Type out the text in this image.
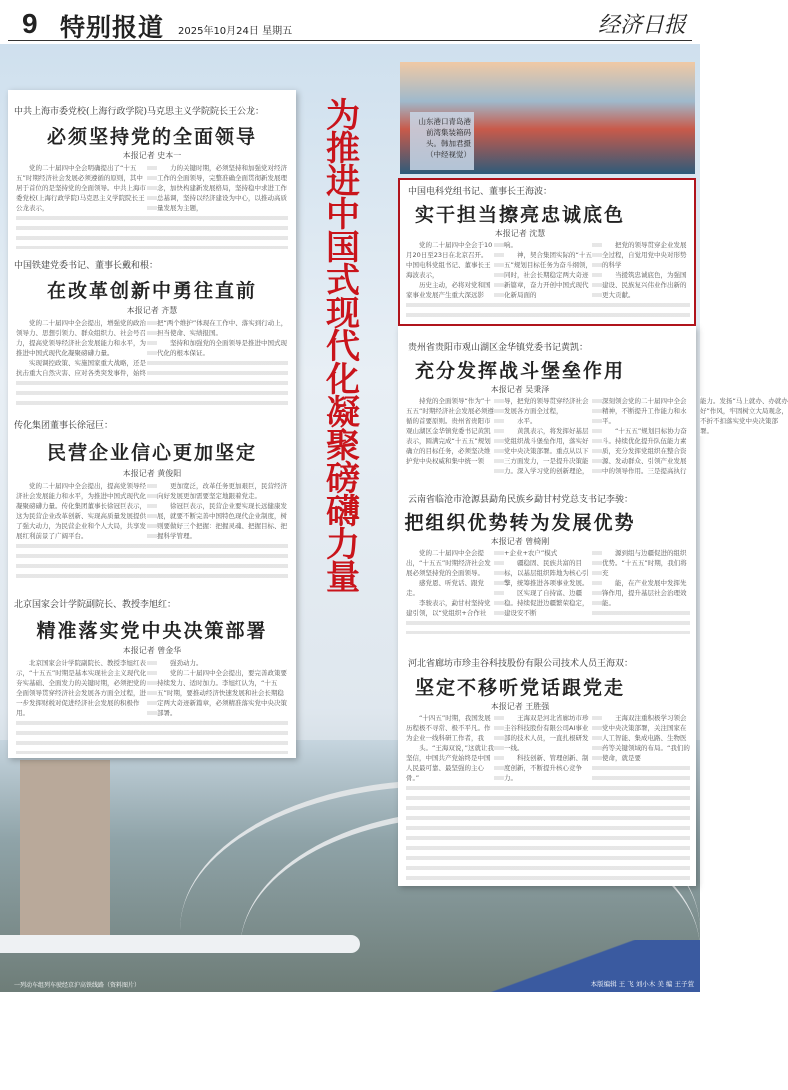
9 特别报道 2025年10月24日 星期五	经济日报
山东港口青岛港前湾集装箱码头。韩加君摄（中经视觉）
为推进中国式现代化凝聚磅礴力量
中共上海市委党校(上海行政学院)马克思主义学院院长王公龙：
必须坚持党的全面领导
本报记者 史本一

党的二十届四中全会明确提出了“十五五”时期经济社会发展必须遵循的原则，其中居于首位的是坚持党的全面领导。中共上海市委党校(上海行政学院)马克思主义学院院长王公龙表示，

力的关键时期，必须坚持和加强党对经济工作的全面领导，完整准确全面贯彻新发展理念，加快构建新发展格局，坚持稳中求进工作总基调，坚持以经济建设为中心，以推动高质量发展为主题，

中国铁建党委书记、董事长戴和根：
在改革创新中勇往直前
本报记者 齐慧

党的二十届四中全会提出，增强党的政治领导力、思想引领力、群众组织力、社会号召力，提高党领导经济社会发展能力和水平，为推进中国式现代化凝聚磅礴力量。

实现调控政策、实施国家重大战略，还是抗击重大自然灾害、应对各类突发事件，始终把“两个维护”体现在工作中、落实到行动上，担当使命、实绩报国。

坚持和加强党的全面领导是推进中国式现代化的根本保证。

传化集团董事长徐冠巨：
民营企业信心更加坚定
本报记者 黄俊阳

党的二十届四中全会提出，提高党领导经济社会发展能力和水平，为推进中国式现代化凝聚磅礴力量。传化集团董事长徐冠巨表示，这为民营企业改革创新、实现高质量发展提供了强大动力，为民营企业和个人大局，共享发展红利前景了广阔平台。

更加宽泛，改革任务更加艰巨，民营经济向好发展更加需要坚定地跟着党走。

徐冠巨表示，民营企业要实现长远健康发展，就要不断完善中国特色现代企业制度，树则要做好三个把握：把握灵魂、把握目标、把握科学管理。

北京国家会计学院副院长、教授李旭红：
精准落实党中央决策部署
本报记者 曾金华

北京国家会计学院副院长、教授李旭红表示，“十五五”时期是基本实现社会主义现代化夯实基础、全面发力的关键时期，必须把党的全面领导贯穿经济社会发展各方面全过程，进一步发挥财税对促进经济社会发展的积极作用。

强劲动力。

党的二十届四中全会提出，要完善政策要持续发力、适时加力。李旭红认为，“十五五”时期，要推动经济快速发展和社会长期稳定两大奇迹新篇章，必须精准落实党中央决策部署。

中国电科党组书记、董事长王海波：
实干担当擦亮忠诚底色
本报记者 沈慧

党的二十届四中全会于10月20日至23日在北京召开。中国电科党组书记、董事长王海波表示，

历史主动，必将对党和国家事业发展产生重大深远影响。

神，契合集团实际的“十五五”规划目标任务为奋斗纲领，同时，社会长期稳定两大奇迹新篇章，奋力开创中国式现代化新局面的

把党的领导贯穿企业发展全过程，自觉用党中央对形势的科学

当援筑忠诚底色，为强国建设、民族复兴伟业作出新的更大贡献。

贵州省贵阳市观山湖区金华镇党委书记黄凯：
充分发挥战斗堡垒作用
本报记者 吴秉泽

持党的全面领导“作为”十五五“时期经济社会发展必须遵循的首要原则。贵州省贵阳市观山湖区金华镇党委书记黄凯表示，圆满完成“十五五”规划确立的目标任务，必须坚决维护党中央权威和集中统一领导，把党的领导贯穿经济社会发展各方面全过程，

水平。

黄凯表示，将发挥好基层党组织战斗堡垒作用，落实好党中央决策部署。重点从以下三方面发力，一是提升决策能力。深入学习党的创新理论，深刻领会党的二十届四中全会精神，不断提升工作能力和水平。

“十五五”规划目标协力奋斗。持续优化提升队伍能力素质，充分发挥党组织在整合资源、发动群众、引领产业发展中的领导作用。三是提高执行能力。发扬“马上就办、办就办好”作风，牢固树立大局观念，不折不扣落实党中央决策部署。

云南省临沧市沧源县勐角民族乡勐甘村党总支书记李骏：
把组织优势转为发展优势
本报记者 曾椅刚

党的二十届四中全会提出，“十五五”时期经济社会发展必须坚持党的全面领导。

感党恩、听党话、跟党走。

李骏表示，勐甘村坚持党建引领，以“党组织+合作社+企业+农户”模式

疆稳固、民族共富的目标，以基层组织阵地为核心引擎，统筹推进各项事业发展。

区实现了自持富、边疆稳。持续促进边疆繁荣稳定，建设安不断

源到组与边疆促进的组织优势。“十五五”时期，我们将充

能，在产业发展中发挥先锋作用，提升基层社会治理效能。

河北省廊坊市珍圭谷科技股份有限公司技术人员王海双：
坚定不移听党话跟党走
本报记者 王胜强

“十四五”时期，我国发展历程极不寻常、极不平凡。作为企业一线科研工作者，我

头。“王海双说，”这就让我坚信，中国共产党始终是中国人民最可靠、最坚强的主心骨。”

王海双是河北省廊坊市珍圭谷科技股份有限公司AI事业部的技术人员，一直扎根研发一线。

科技创新、管理创新、制度创新，不断提升核心竞争力。

王海双注重积极学习领会党中央决策部署，关注国家在人工智能、集成电路、生物医药等关键领域的布局。“我们的使命，就是要

一列动车组列车驶经京沪高铁线路（资料图片）	本版编辑 王 飞 刘小木 美 编 王子萱
